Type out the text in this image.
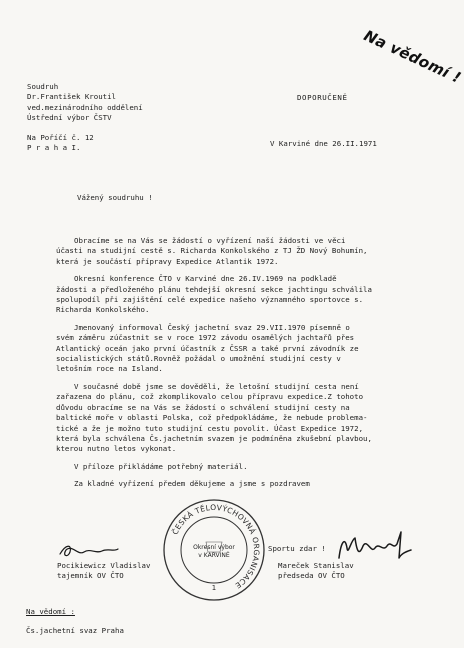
Na vědomí !
Soudruh
Dr.František Kroutil
ved.mezinárodního oddělení
Ústřední výbor ČSTV
Na Poříčí č. 12
P r a h a I.
DOPORUČENĚ
V Karviné dne 26.II.1971
Vážený soudruhu !
Obracíme se na Vás se žádostí o vyřízení naší žádosti ve věci
účasti na studijní cestě s. Richarda Konkolského z TJ ŽD Nový Bohumín,
která je součástí přípravy Expedice Atlantik 1972.
Okresní konference ČTO v Karviné dne 26.IV.1969 na podkladě
žádosti a předloženého plánu tehdejší okresní sekce jachtingu schválila
spolupodíl při zajištění celé expedice našeho významného sportovce s.
Richarda Konkolského.
Jmenovaný informoval Český jachetní svaz 29.VII.1970 písemně o
svém záměru zúčastnit se v roce 1972 závodu osamělých jachtařů přes
Atlantický oceán jako první účastník z ČSSR a také první závodník ze
socialistických států.Rovněž požádal o umožnění studijní cesty v
letošním roce na Island.
V současné době jsme se dověděli, že letošní studijní cesta není
zařazena do plánu, což zkomplikovalo celou přípravu expedice.Z tohoto
důvodu obracíme se na Vás se žádostí o schválení studijní cesty na
baltické moře v oblasti Polska, což předpokládáme, že nebude problema-
tické a že je možno tuto studijní cestu povolit. Účast Expedice 1972,
která byla schválena Čs.jachetním svazem je podmíněna zkušební plavbou,
kterou nutno letos vykonat.
V příloze přikládáme potřebný materiál.
Za kladné vyřízení předem děkujeme a jsme s pozdravem
Sportu zdar !
Pocikiewicz Vladislav
tajemník OV ČTO
Mareček Stanislav
předseda OV ČTO
ČESKÁ TĚLOVÝCHOVNÁ ORGANISACE
1
Okresní výbor
v KARVINÉ
Na vědomí :
Čs.jachetní svaz Praha
